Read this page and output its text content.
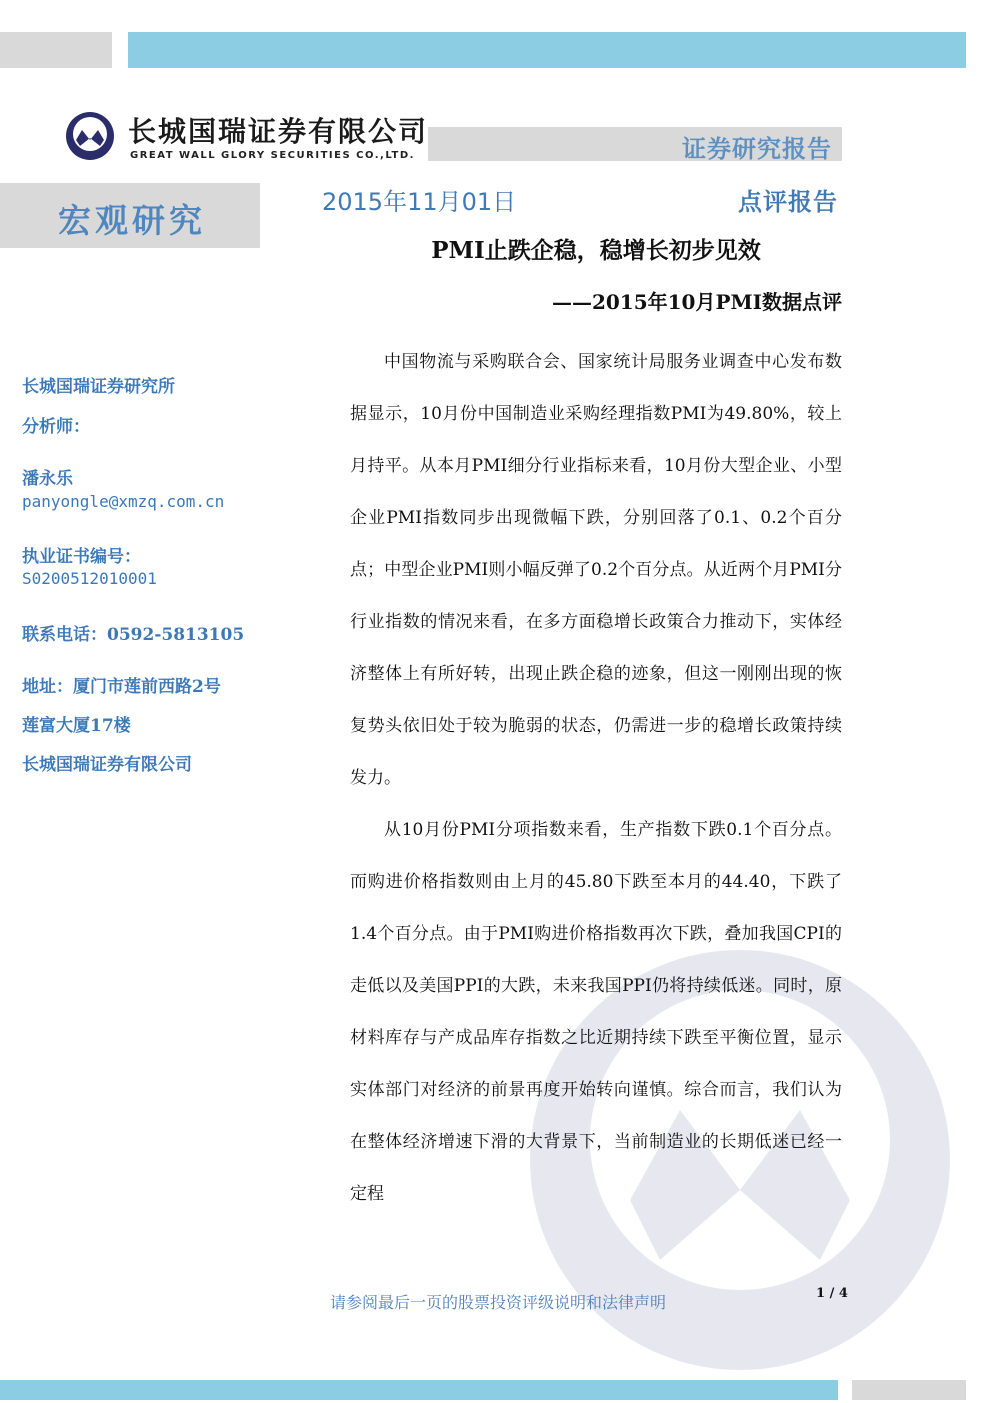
长城国瑞证券有限公司
GREAT WALL GLORY SECURITIES CO.,LTD.	证券研究报告
宏观研究	2015年11月01日	点评报告
PMI止跌企稳，稳增长初步见效
——2015年10月PMI数据点评
长城国瑞证券研究所
分析师：
潘永乐
panyongle@xmzq.com.cn
执业证书编号：
S0200512010001
联系电话：0592-5813105
地址：厦门市莲前西路2号
莲富大厦17楼
长城国瑞证券有限公司

中国物流与采购联合会、国家统计局服务业调查中心发布数据显示，10月份中国制造业采购经理指数PMI为49.80%，较上月持平。从本月PMI细分行业指标来看，10月份大型企业、小型企业PMI指数同步出现微幅下跌，分别回落了0.1、0.2个百分点；中型企业PMI则小幅反弹了0.2个百分点。从近两个月PMI分行业指数的情况来看，在多方面稳增长政策合力推动下，实体经济整体上有所好转，出现止跌企稳的迹象，但这一刚刚出现的恢复势头依旧处于较为脆弱的状态，仍需进一步的稳增长政策持续发力。

从10月份PMI分项指数来看，生产指数下跌0.1个百分点。而购进价格指数则由上月的45.80下跌至本月的44.40，下跌了1.4个百分点。由于PMI购进价格指数再次下跌，叠加我国CPI的走低以及美国PPI的大跌，未来我国PPI仍将持续低迷。同时，原材料库存与产成品库存指数之比近期持续下跌至平衡位置，显示实体部门对经济的前景再度开始转向谨慎。综合而言，我们认为在整体经济增速下滑的大背景下，当前制造业的长期低迷已经一定程

请参阅最后一页的股票投资评级说明和法律声明	1 / 4
